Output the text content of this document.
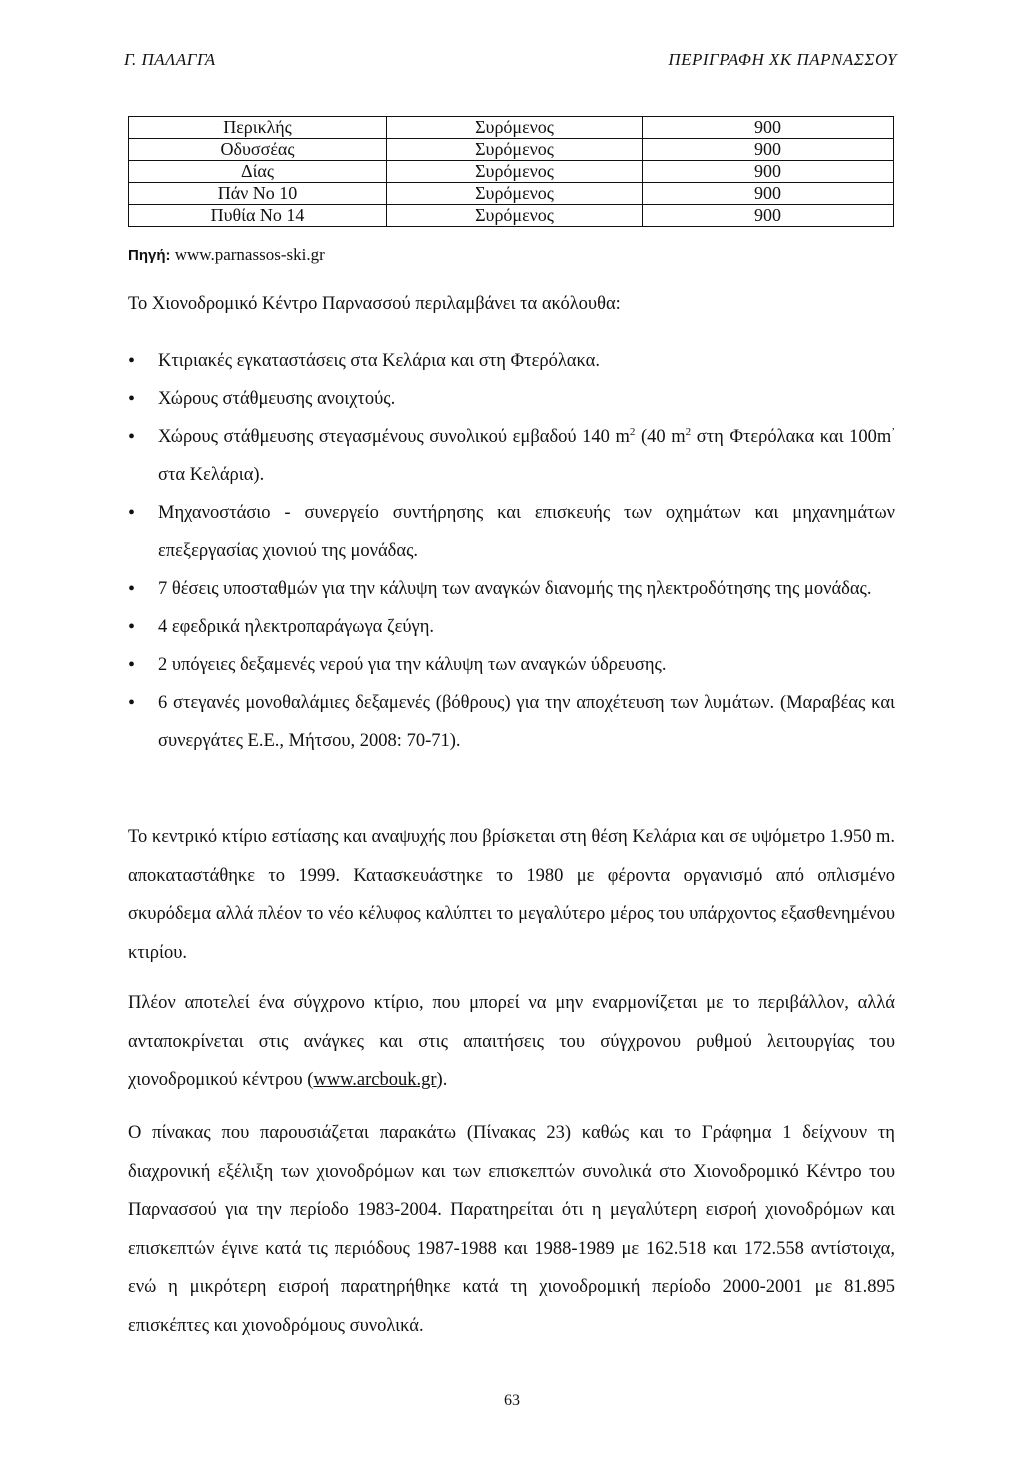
Γ. ΠΑΛΑΓΓΑ	ΠΕΡΙΓΡΑΦΗ ΧΚ ΠΑΡΝΑΣΣΟΥ
Περικλής	Συρόμενος	900
Οδυσσέας	Συρόμενος	900
Δίας	Συρόμενος	900
Πάν Νο 10	Συρόμενος	900
Πυθία Νο 14	Συρόμενος	900
Πηγή: www.parnassos-ski.gr
Το Χιονοδρομικό Κέντρο Παρνασσού περιλαμβάνει τα ακόλουθα:
• Κτιριακές εγκαταστάσεις στα Κελάρια και στη Φτερόλακα.
• Χώρους στάθμευσης ανοιχτούς.
• Χώρους στάθμευσης στεγασμένους συνολικού εμβαδού 140 $m^2$ (40 $m^2$ στη Φτερόλακα και 100m’ στα Κελάρια).
• Μηχανοστάσιο - συνεργείο συντήρησης και επισκευής των οχημάτων και μηχανημάτων επεξεργασίας χιονιού της μονάδας.
• 7 θέσεις υποσταθμών για την κάλυψη των αναγκών διανομής της ηλεκτροδότησης της μονάδας.
• 4 εφεδρικά ηλεκτροπαράγωγα ζεύγη.
• 2 υπόγειες δεξαμενές νερού για την κάλυψη των αναγκών ύδρευσης.
• 6 στεγανές μονοθαλάμιες δεξαμενές (βόθρους) για την αποχέτευση των λυμάτων. (Μαραβέας και συνεργάτες Ε.Ε., Μήτσου, 2008: 70-71).

Το κεντρικό κτίριο εστίασης και αναψυχής που βρίσκεται στη θέση Κελάρια και σε υψόμετρο 1.950 m. αποκαταστάθηκε το 1999. Κατασκευάστηκε το 1980 με φέροντα οργανισμό από οπλισμένο σκυρόδεμα αλλά πλέον το νέο κέλυφος καλύπτει το μεγαλύτερο μέρος του υπάρχοντος εξασθενημένου κτιρίου.

Πλέον αποτελεί ένα σύγχρονο κτίριο, που μπορεί να μην εναρμονίζεται με το περιβάλλον, αλλά ανταποκρίνεται στις ανάγκες και στις απαιτήσεις του σύγχρονου ρυθμού λειτουργίας του χιονοδρομικού κέντρου (www.arcbouk.gr).

Ο πίνακας που παρουσιάζεται παρακάτω (Πίνακας 23) καθώς και το Γράφημα 1 δείχνουν τη διαχρονική εξέλιξη των χιονοδρόμων και των επισκεπτών συνολικά στο Χιονοδρομικό Κέντρο του Παρνασσού για την περίοδο 1983-2004. Παρατηρείται ότι η μεγαλύτερη εισροή χιονοδρόμων και επισκεπτών έγινε κατά τις περιόδους 1987-1988 και 1988-1989 με 162.518 και 172.558 αντίστοιχα, ενώ η μικρότερη εισροή παρατηρήθηκε κατά τη χιονοδρομική περίοδο 2000-2001 με 81.895 επισκέπτες και χιονοδρόμους συνολικά.

63
